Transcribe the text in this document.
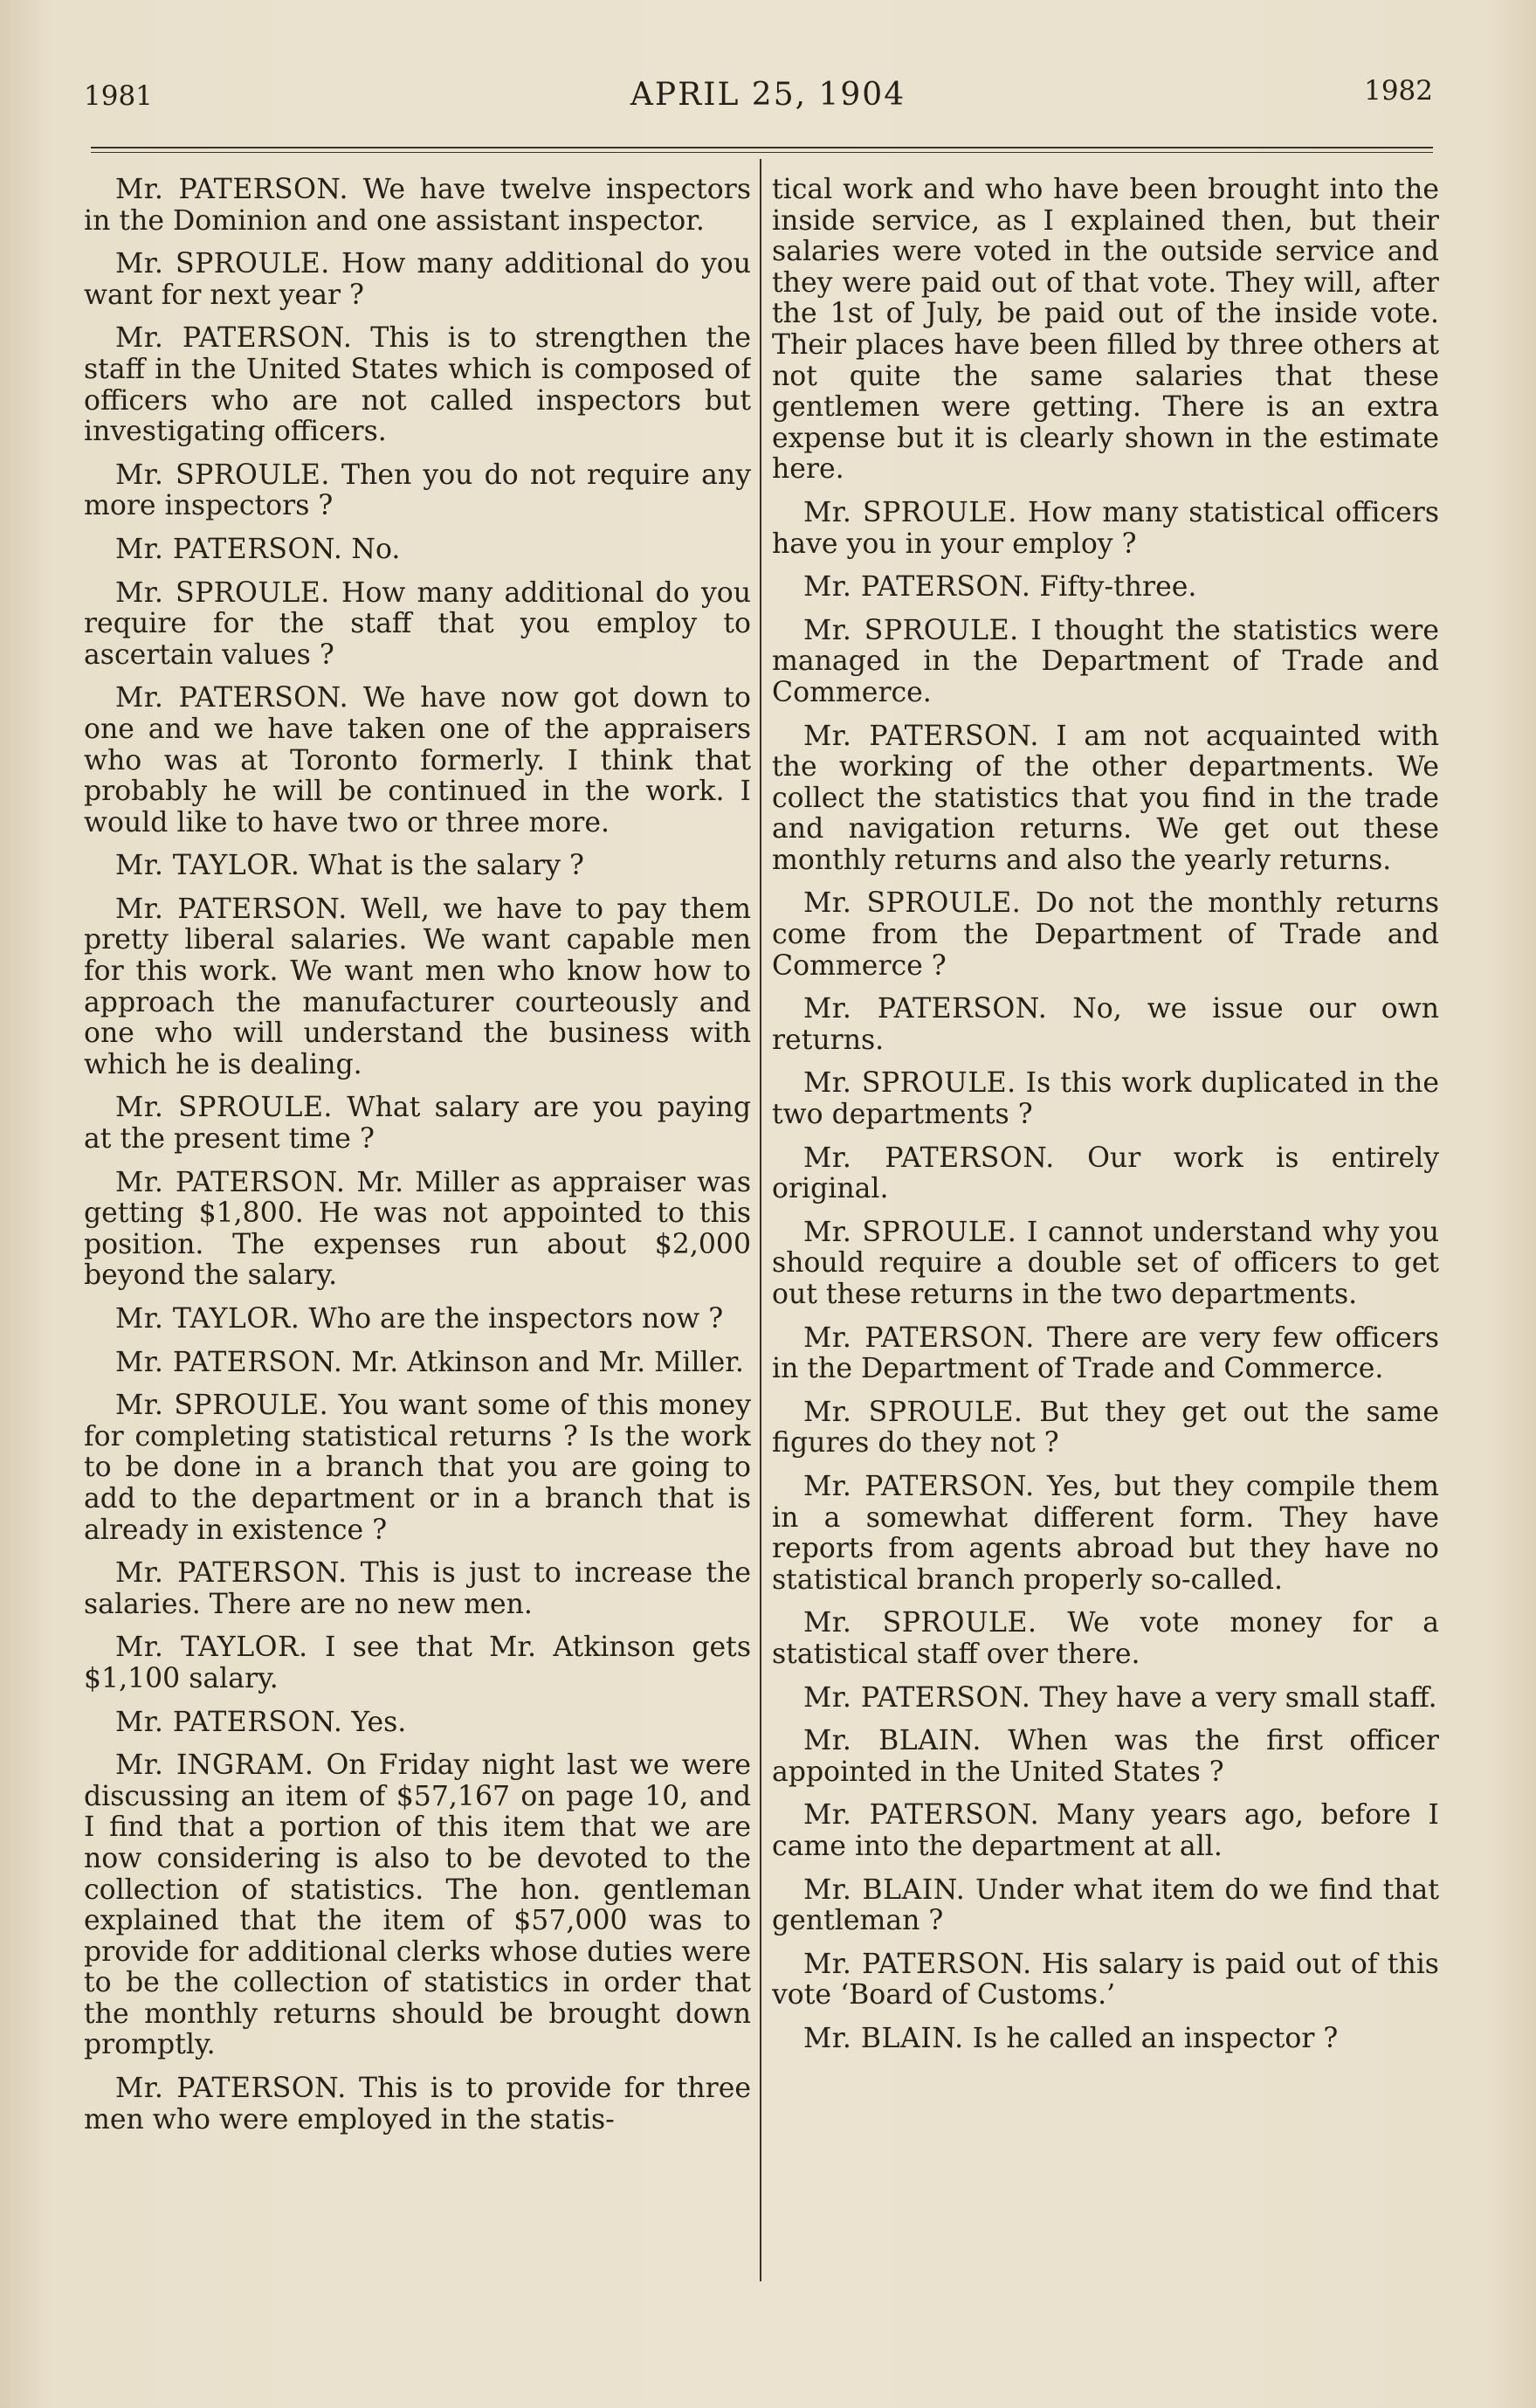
1981	APRIL 25, 1904	1982

Mr. PATERSON. We have twelve inspectors in the Dominion and one assistant inspector.

Mr. SPROULE. How many additional do you want for next year ?

Mr. PATERSON. This is to strengthen the staff in the United States which is composed of officers who are not called inspectors but investigating officers.

Mr. SPROULE. Then you do not require any more inspectors ?

Mr. PATERSON. No.

Mr. SPROULE. How many additional do you require for the staff that you employ to ascertain values ?

Mr. PATERSON. We have now got down to one and we have taken one of the appraisers who was at Toronto formerly. I think that probably he will be continued in the work. I would like to have two or three more.

Mr. TAYLOR. What is the salary ?

Mr. PATERSON. Well, we have to pay them pretty liberal salaries. We want capable men for this work. We want men who know how to approach the manufacturer courteously and one who will understand the business with which he is dealing.

Mr. SPROULE. What salary are you paying at the present time ?

Mr. PATERSON. Mr. Miller as appraiser was getting $1,800. He was not appointed to this position. The expenses run about $2,000 beyond the salary.

Mr. TAYLOR. Who are the inspectors now ?

Mr. PATERSON. Mr. Atkinson and Mr. Miller.

Mr. SPROULE. You want some of this money for completing statistical returns ? Is the work to be done in a branch that you are going to add to the department or in a branch that is already in existence ?

Mr. PATERSON. This is just to increase the salaries. There are no new men.

Mr. TAYLOR. I see that Mr. Atkinson gets $1,100 salary.

Mr. PATERSON. Yes.

Mr. INGRAM. On Friday night last we were discussing an item of $57,167 on page 10, and I find that a portion of this item that we are now considering is also to be devoted to the collection of statistics. The hon. gentleman explained that the item of $57,000 was to provide for additional clerks whose duties were to be the collection of statistics in order that the monthly returns should be brought down promptly.

Mr. PATERSON. This is to provide for three men who were employed in the statis-

tical work and who have been brought into the inside service, as I explained then, but their salaries were voted in the outside service and they were paid out of that vote. They will, after the 1st of July, be paid out of the inside vote. Their places have been filled by three others at not quite the same salaries that these gentlemen were getting. There is an extra expense but it is clearly shown in the estimate here.

Mr. SPROULE. How many statistical officers have you in your employ ?

Mr. PATERSON. Fifty-three.

Mr. SPROULE. I thought the statistics were managed in the Department of Trade and Commerce.

Mr. PATERSON. I am not acquainted with the working of the other departments. We collect the statistics that you find in the trade and navigation returns. We get out these monthly returns and also the yearly returns.

Mr. SPROULE. Do not the monthly returns come from the Department of Trade and Commerce ?

Mr. PATERSON. No, we issue our own returns.

Mr. SPROULE. Is this work duplicated in the two departments ?

Mr. PATERSON. Our work is entirely original.

Mr. SPROULE. I cannot understand why you should require a double set of officers to get out these returns in the two departments.

Mr. PATERSON. There are very few officers in the Department of Trade and Commerce.

Mr. SPROULE. But they get out the same figures do they not ?

Mr. PATERSON. Yes, but they compile them in a somewhat different form. They have reports from agents abroad but they have no statistical branch properly so-called.

Mr. SPROULE. We vote money for a statistical staff over there.

Mr. PATERSON. They have a very small staff.

Mr. BLAIN. When was the first officer appointed in the United States ?

Mr. PATERSON. Many years ago, before I came into the department at all.

Mr. BLAIN. Under what item do we find that gentleman ?

Mr. PATERSON. His salary is paid out of this vote ‘Board of Customs.’

Mr. BLAIN. Is he called an inspector ?
